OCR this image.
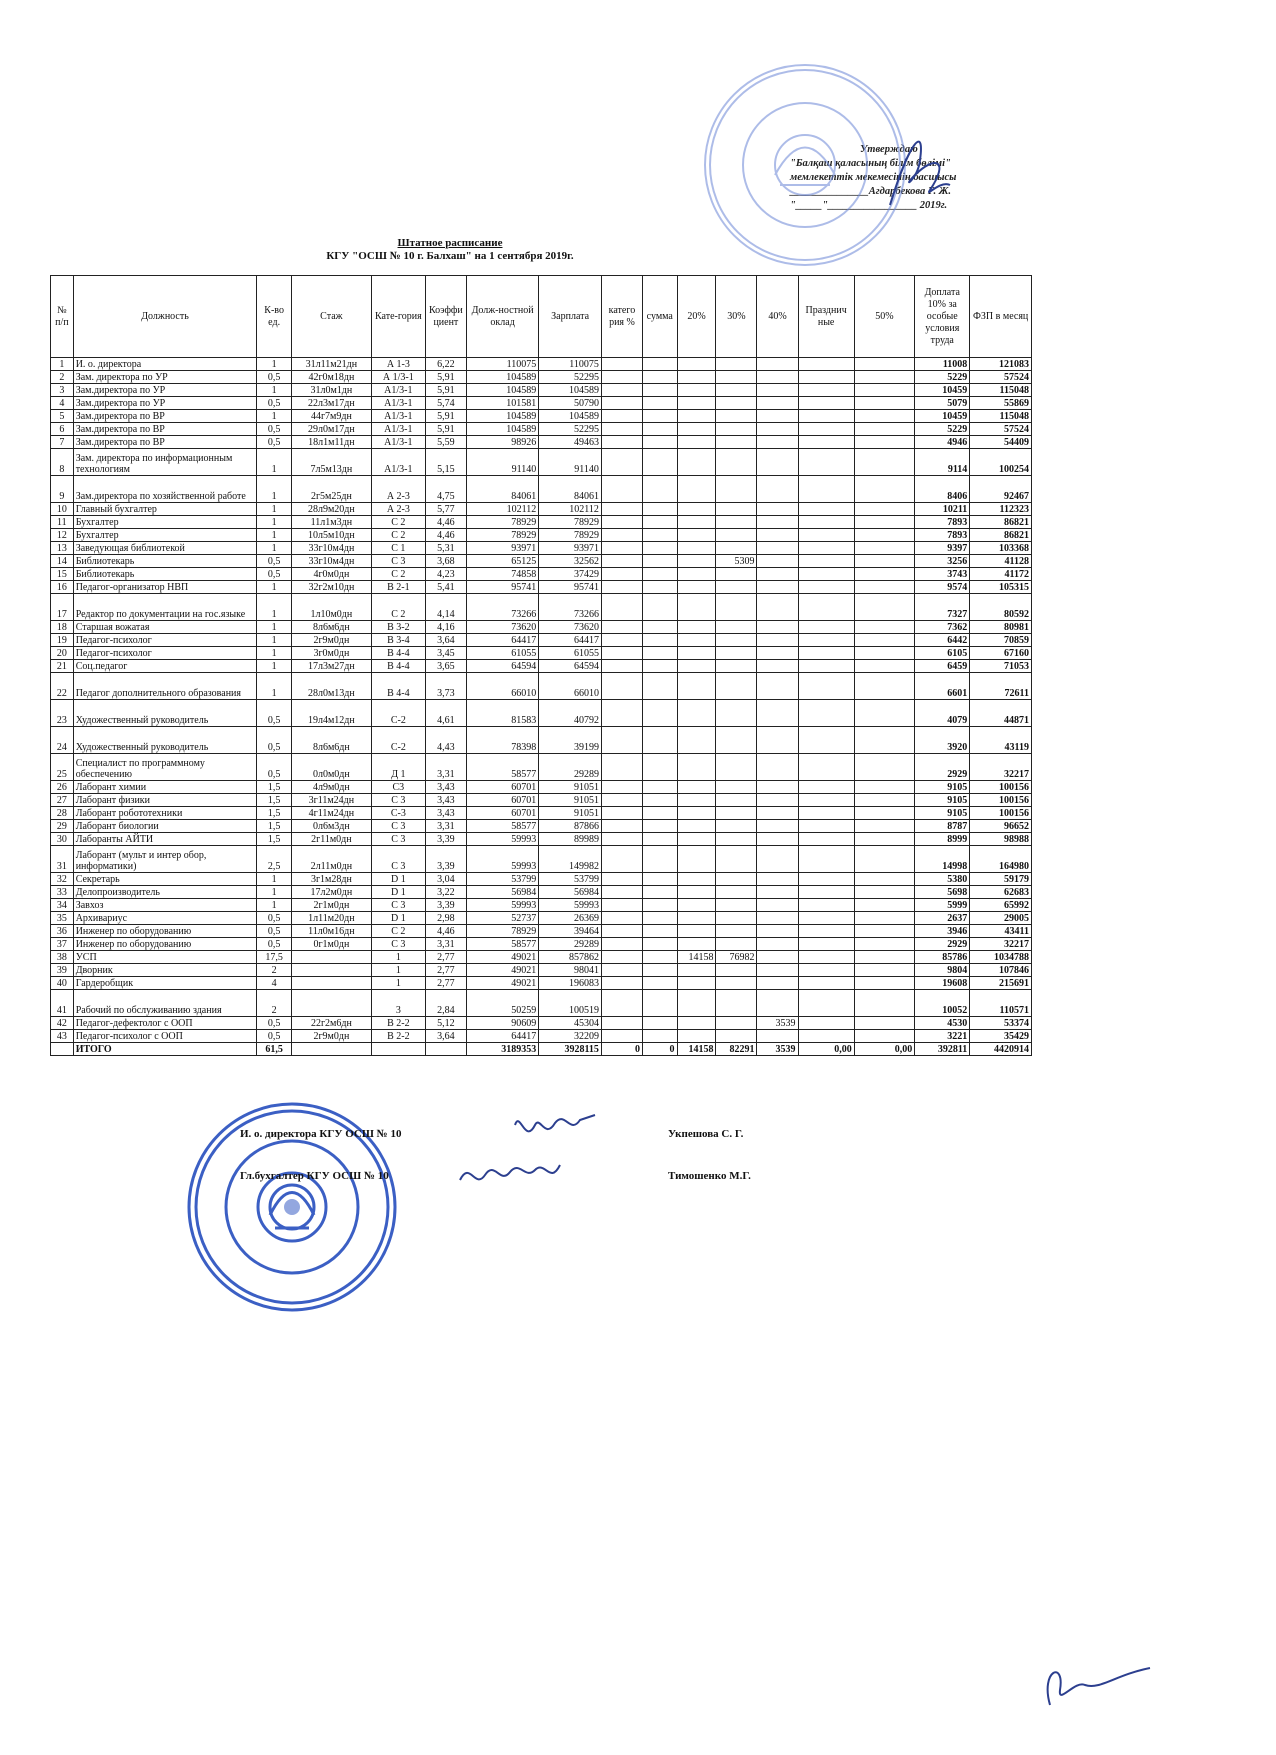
Утверждаю
"Балқаш қаласының білім бөлімі"
мемлекеттік мекемесінің басшысы
_______________Агдарбекова Г. Ж.
"_____"_________________ 2019г.
Штатное расписание
КГУ "ОСШ № 10 г. Балхаш" на 1 сентября 2019г.
№ п/п	Должность	К-во ед.	Стаж	Кате-гория	Коэффи циент	Долж-ностной оклад	Зарплата	катего рия %	сумма	20%	30%	40%	Празднич ные	50%	Доплата 10% за особые условия труда	ФЗП в месяц
1	И. о. директора	1	31л11м21дн	А 1-3	6,22	110075	110075								11008	121083
2	Зам. директора по УР	0,5	42г0м18дн	А 1/3-1	5,91	104589	52295								5229	57524
3	Зам.директора по УР	1	31л0м1дн	А1/3-1	5,91	104589	104589								10459	115048
4	Зам.директора по УР	0,5	22л3м17дн	А1/3-1	5,74	101581	50790								5079	55869
5	Зам.директора по ВР	1	44г7м9дн	А1/3-1	5,91	104589	104589								10459	115048
6	Зам.директора по ВР	0,5	29л0м17дн	А1/3-1	5,91	104589	52295								5229	57524
7	Зам.директора по ВР	0,5	18л1м11дн	А1/3-1	5,59	98926	49463								4946	54409
8	Зам. директора по информационным технологиям	1	7л5м13дн	А1/3-1	5,15	91140	91140								9114	100254
9	Зам.директора по хозяйственной работе	1	2г5м25дн	А 2-3	4,75	84061	84061								8406	92467
10	Главный бухгалтер	1	28л9м20дн	А 2-3	5,77	102112	102112								10211	112323
11	Бухгалтер	1	11л1м3дн	С 2	4,46	78929	78929								7893	86821
12	Бухгалтер	1	10л5м10дн	С 2	4,46	78929	78929								7893	86821
13	Заведующая библиотекой	1	33г10м4дн	С 1	5,31	93971	93971								9397	103368
14	Библиотекарь	0,5	33г10м4дн	С 3	3,68	65125	32562				5309				3256	41128
15	Библиотекарь	0,5	4г0м0дн	С 2	4,23	74858	37429								3743	41172
16	Педагог-организатор НВП	1	32г2м10дн	В 2-1	5,41	95741	95741								9574	105315
17	Редактор по документации на гос.языке	1	1л10м0дн	С 2	4,14	73266	73266								7327	80592
18	Старшая вожатая	1	8л6м6дн	В 3-2	4,16	73620	73620								7362	80981
19	Педагог-психолог	1	2г9м0дн	В 3-4	3,64	64417	64417								6442	70859
20	Педагог-психолог	1	3г0м0дн	В 4-4	3,45	61055	61055								6105	67160
21	Соц.педагог	1	17л3м27дн	В 4-4	3,65	64594	64594								6459	71053
22	Педагог дополнительного образования	1	28л0м13дн	В 4-4	3,73	66010	66010								6601	72611
23	Художественный руководитель	0,5	19л4м12дн	С-2	4,61	81583	40792								4079	44871
24	Художественный руководитель	0,5	8л6м6дн	С-2	4,43	78398	39199								3920	43119
25	Специалист по программному обеспечению	0,5	0л0м0дн	Д 1	3,31	58577	29289								2929	32217
26	Лаборант химии	1,5	4л9м0дн	С3	3,43	60701	91051								9105	100156
27	Лаборант физики	1,5	3г11м24дн	С 3	3,43	60701	91051								9105	100156
28	Лаборант робототехники	1,5	4г11м24дн	С-3	3,43	60701	91051								9105	100156
29	Лаборант биологии	1,5	0л6м3дн	С 3	3,31	58577	87866								8787	96652
30	Лаборанты АЙТИ	1,5	2г11м0дн	С 3	3,39	59993	89989								8999	98988
31	Лаборант (мульт и интер обор, информатики)	2,5	2л11м0дн	С 3	3,39	59993	149982								14998	164980
32	Секретарь	1	3г1м28дн	D 1	3,04	53799	53799								5380	59179
33	Делопроизводитель	1	17л2м0дн	D 1	3,22	56984	56984								5698	62683
34	Завхоз	1	2г1м0дн	С 3	3,39	59993	59993								5999	65992
35	Архивариус	0,5	1л11м20дн	D 1	2,98	52737	26369								2637	29005
36	Инженер по оборудованию	0,5	11л0м16дн	С 2	4,46	78929	39464								3946	43411
37	Инженер по оборудованию	0,5	0г1м0дн	С 3	3,31	58577	29289								2929	32217
38	УСП	17,5		1	2,77	49021	857862			14158	76982				85786	1034788
39	Дворник	2		1	2,77	49021	98041								9804	107846
40	Гардеробщик	4		1	2,77	49021	196083								19608	215691
41	Рабочий по обслуживанию здания	2		3	2,84	50259	100519								10052	110571
42	Педагог-дефектолог с ООП	0,5	22г2м6дн	В 2-2	5,12	90609	45304					3539			4530	53374
43	Педагог-психолог с ООП	0,5	2г9м0дн	В 2-2	3,64	64417	32209								3221	35429
	ИТОГО	61,5				3189353	3928115	0	0	14158	82291	3539	0,00	0,00	392811	4420914
И. о. директора КГУ ОСШ № 10	Укпешова С. Г.
Гл.бухгалтер КГУ ОСШ № 10	Тимошенко М.Г.
